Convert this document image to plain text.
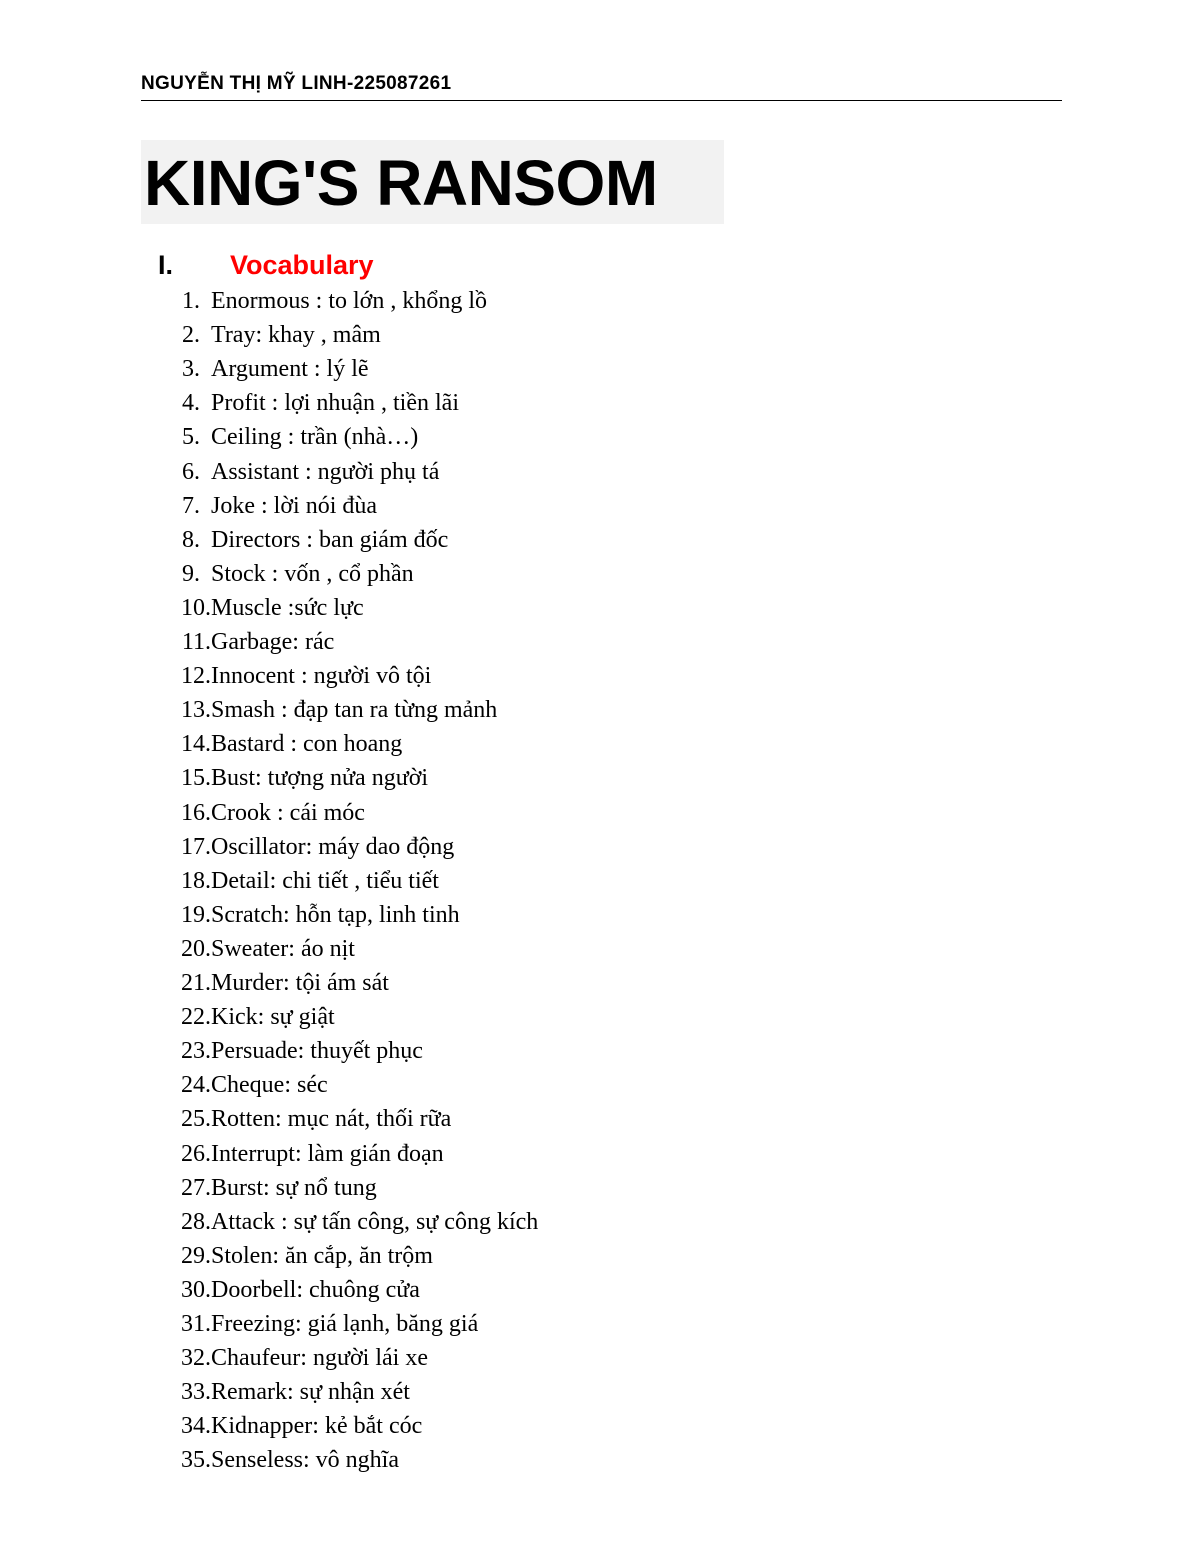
NGUYỄN THỊ MỸ LINH-225087261
KING'S RANSOM
I. Vocabulary
1. Enormous : to lớn , khổng lồ
2. Tray: khay , mâm
3. Argument : lý lẽ
4. Profit : lợi nhuận , tiền lãi
5. Ceiling : trần (nhà…)
6. Assistant : người phụ tá
7. Joke : lời nói đùa
8. Directors : ban giám đốc
9. Stock : vốn , cổ phần
10. Muscle :sức lực
11. Garbage: rác
12. Innocent : người vô tội
13. Smash : đạp tan ra từng mảnh
14. Bastard : con hoang
15. Bust: tượng nửa người
16. Crook : cái móc
17. Oscillator: máy dao động
18. Detail: chi tiết , tiểu tiết
19. Scratch: hỗn tạp, linh tinh
20. Sweater: áo nịt
21. Murder: tội ám sát
22. Kick: sự giật
23. Persuade: thuyết phục
24. Cheque: séc
25. Rotten: mục nát, thối rữa
26. Interrupt: làm gián đoạn
27. Burst: sự nổ tung
28. Attack : sự tấn công, sự công kích
29. Stolen: ăn cắp, ăn trộm
30. Doorbell: chuông cửa
31. Freezing: giá lạnh, băng giá
32. Chaufeur: người lái xe
33. Remark: sự nhận xét
34. Kidnapper: kẻ bắt cóc
35. Senseless: vô nghĩa
